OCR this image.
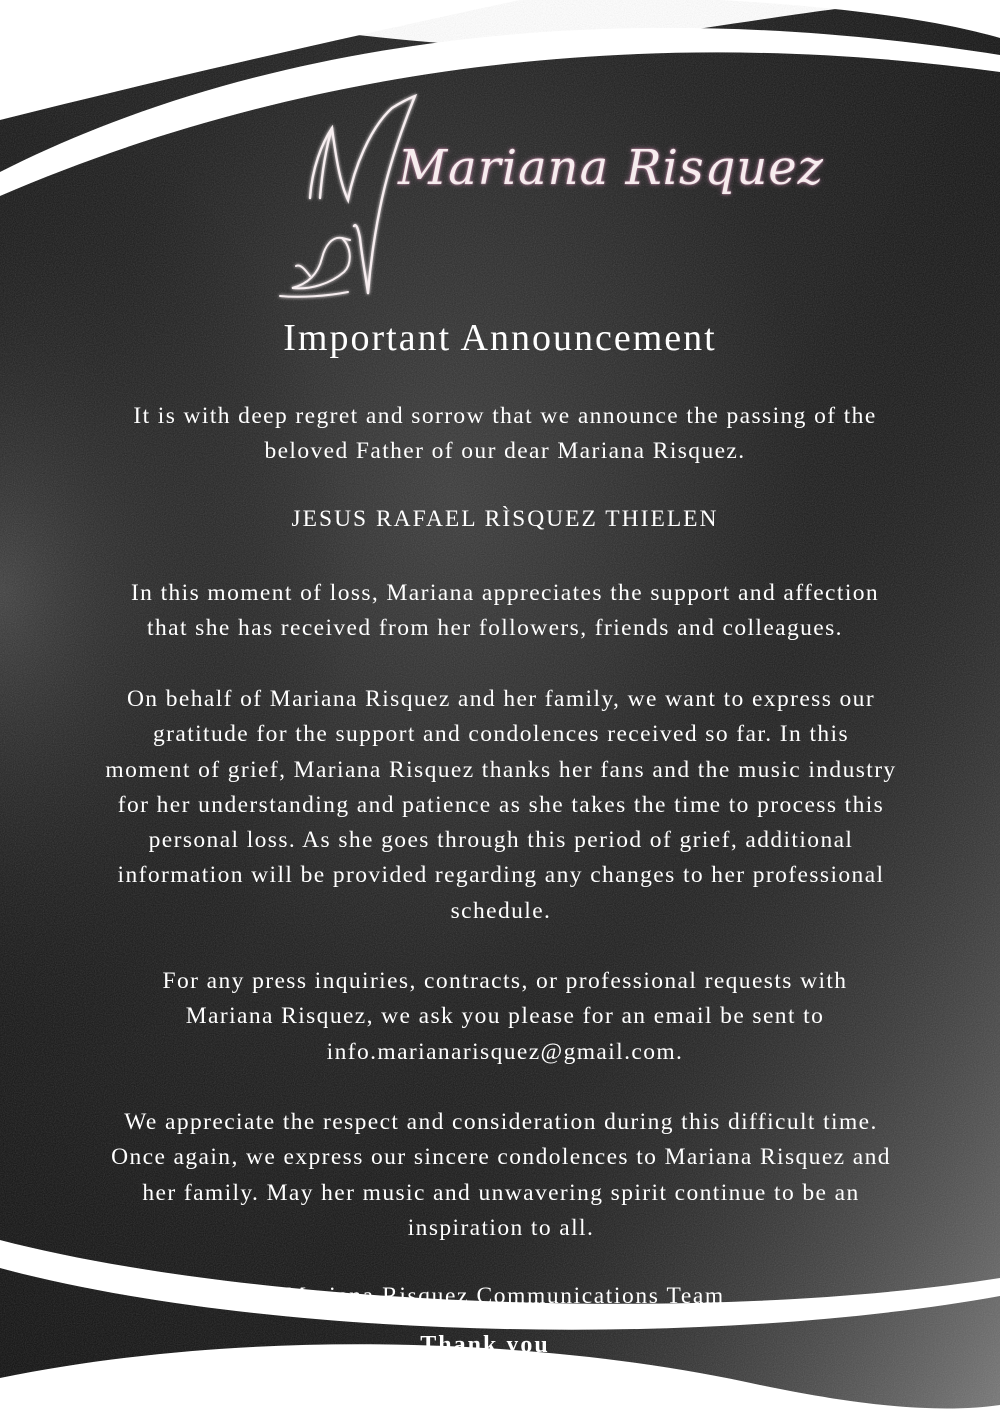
Mariana Risquez
Important Announcement
It is with deep regret and sorrow that we announce the passing of the
beloved Father of our dear Mariana Risquez.
JESUS RAFAEL RÌSQUEZ THIELEN
In this moment of loss, Mariana appreciates the support and affection
that she has received from her followers, friends and colleagues.
On behalf of Mariana Risquez and her family, we want to express our
gratitude for the support and condolences received so far. In this
moment of grief, Mariana Risquez thanks her fans and the music industry
for her understanding and patience as she takes the time to process this
personal loss. As she goes through this period of grief, additional
information will be provided regarding any changes to her professional
schedule.
For any press inquiries, contracts, or professional requests with
Mariana Risquez, we ask you please for an email be sent to
info.marianarisquez@gmail.com.
We appreciate the respect and consideration during this difficult time.
Once again, we express our sincere condolences to Mariana Risquez and
her family. May her music and unwavering spirit continue to be an
inspiration to all.
Mariana Risquez Communications Team
Thank you
